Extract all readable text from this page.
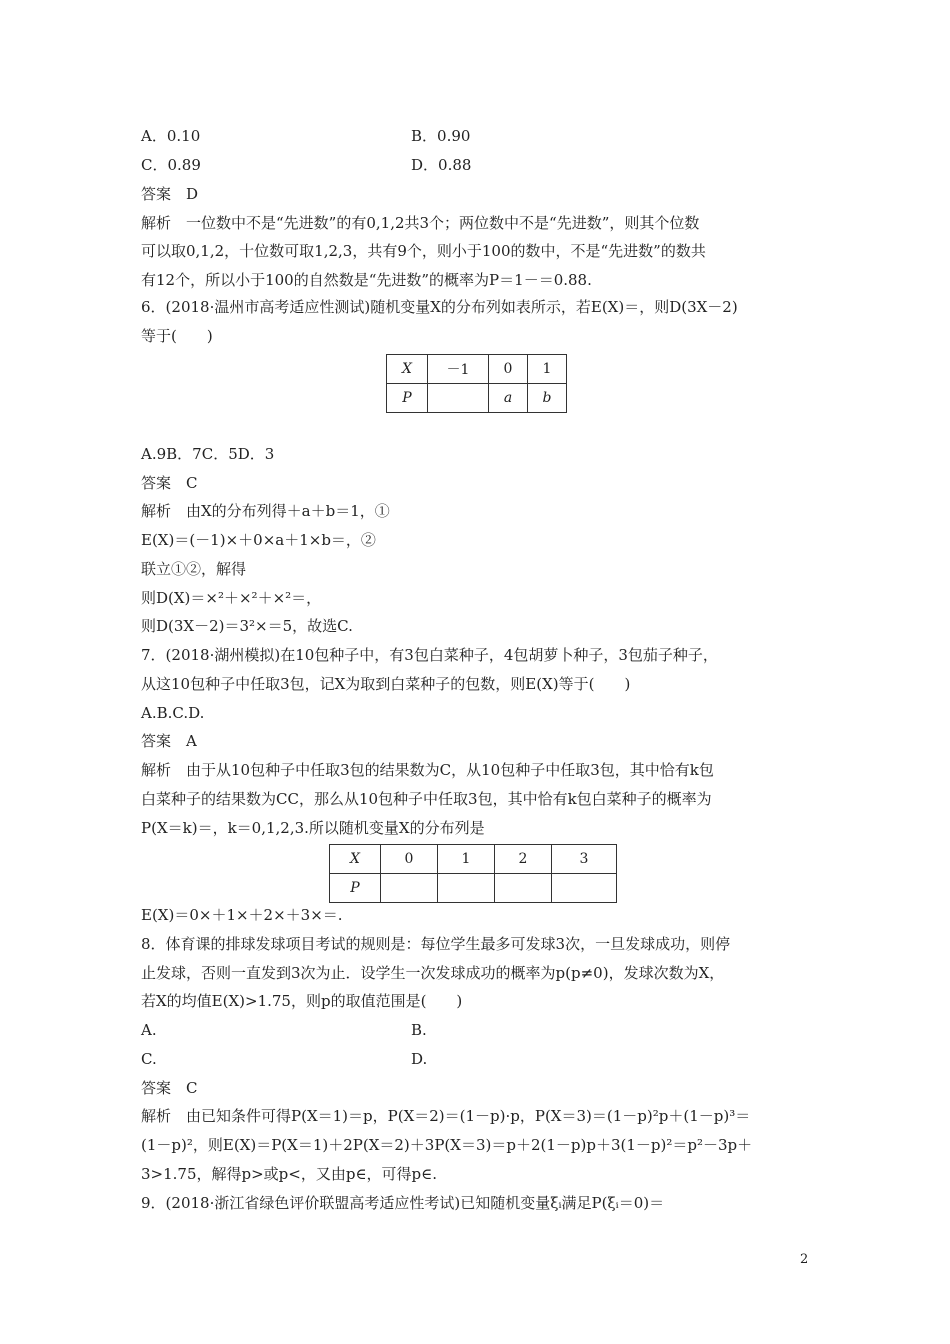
A．0.10	B．0.90
C．0.89	D．0.88
答案　D
解析　一位数中不是“先进数”的有0,1,2共3个；两位数中不是“先进数”，则其个位数
可以取0,1,2，十位数可取1,2,3，共有9个，则小于100的数中，不是“先进数”的数共
有12个，所以小于100的自然数是“先进数”的概率为P＝1－＝0.88.
6．(2018·温州市高考适应性测试)随机变量X的分布列如表所示，若E(X)＝，则D(3X－2)
等于(　　)
X	－1	0	1
P		a	b
A.9B．7C．5D．3
答案　C
解析　由X的分布列得＋a＋b＝1，①
E(X)＝(－1)×＋0×a＋1×b＝，②
联立①②，解得
则D(X)＝×²＋×²＋×²＝，
则D(3X－2)＝3²×＝5，故选C.
7．(2018·湖州模拟)在10包种子中，有3包白菜种子，4包胡萝卜种子，3包茄子种子，
从这10包种子中任取3包，记X为取到白菜种子的包数，则E(X)等于(　　)
A.B.C.D.
答案　A
解析　由于从10包种子中任取3包的结果数为C，从10包种子中任取3包，其中恰有k包
白菜种子的结果数为CC，那么从10包种子中任取3包，其中恰有k包白菜种子的概率为
P(X＝k)＝，k＝0,1,2,3.所以随机变量X的分布列是
X	0	1	2	3
P				
E(X)＝0×＋1×＋2×＋3×＝.
8．体育课的排球发球项目考试的规则是：每位学生最多可发球3次，一旦发球成功，则停
止发球，否则一直发到3次为止．设学生一次发球成功的概率为p(p≠0)，发球次数为X，
若X的均值E(X)>1.75，则p的取值范围是(　　)
A.	B.
C.	D.
答案　C
解析　由已知条件可得P(X＝1)＝p，P(X＝2)＝(1－p)·p，P(X＝3)＝(1－p)²p＋(1－p)³＝
(1－p)²，则E(X)＝P(X＝1)＋2P(X＝2)＋3P(X＝3)＝p＋2(1－p)p＋3(1－p)²＝p²－3p＋
3>1.75，解得p>或p<，又由p∈，可得p∈.
9．(2018·浙江省绿色评价联盟高考适应性考试)已知随机变量ξᵢ满足P(ξᵢ＝0)＝
2
